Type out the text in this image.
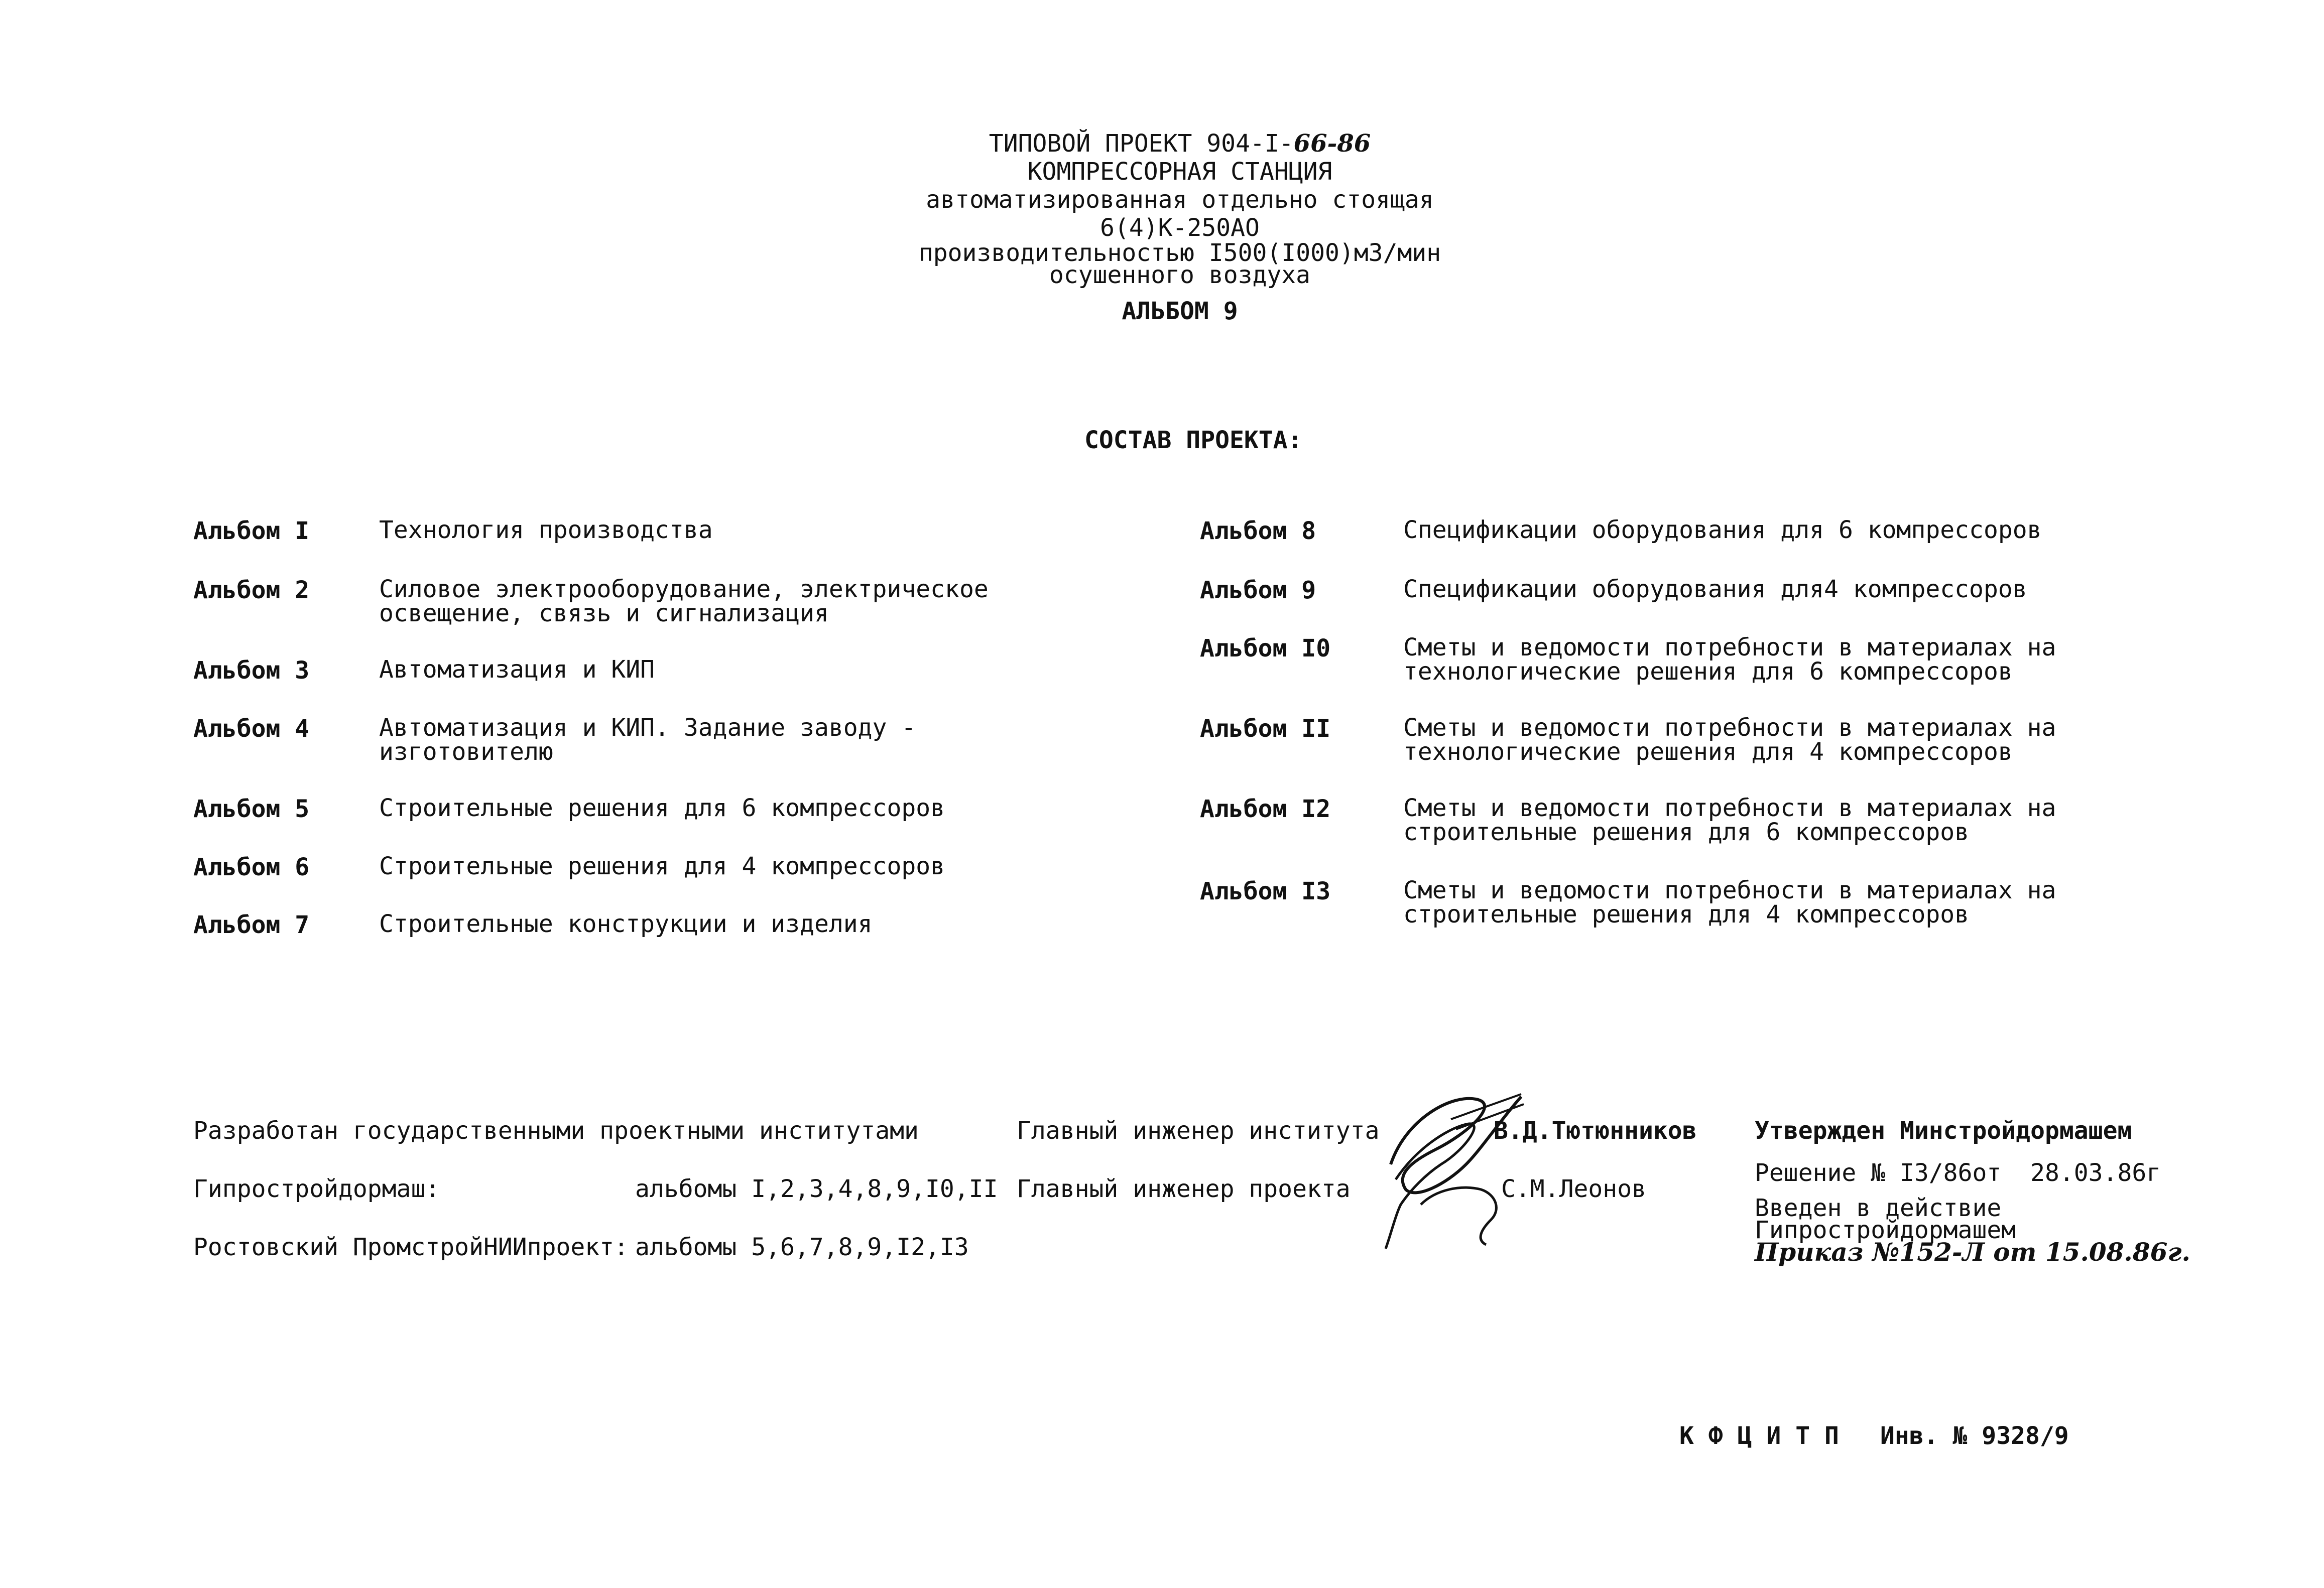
ТИПОВОЙ ПРОЕКТ 904-I-66-86
КОМПРЕССОРНАЯ СТАНЦИЯ
автоматизированная отдельно стоящая
6(4)К-250АО
производительностью I500(I000)м3/мин
осушенного воздуха
АЛЬБОМ 9
СОСТАВ ПРОЕКТА:
Альбом I	Технология производства
Альбом 2	Силовое электрооборудование, электрическое
освещение, связь и сигнализация
Альбом 3	Автоматизация и КИП
Альбом 4	Автоматизация и КИП. Задание заводу -
изготовителю
Альбом 5	Строительные решения для 6 компрессоров
Альбом 6	Строительные решения для 4 компрессоров
Альбом 7	Строительные конструкции и изделия
Альбом 8	Спецификации оборудования для 6 компрессоров
Альбом 9	Спецификации оборудования для4 компрессоров
Альбом I0	Сметы и ведомости потребности в материалах на
технологические решения для 6 компрессоров
Альбом II	Сметы и ведомости потребности в материалах на
технологические решения для 4 компрессоров
Альбом I2	Сметы и ведомости потребности в материалах на
строительные решения для 6 компрессоров
Альбом I3	Сметы и ведомости потребности в материалах на
строительные решения для 4 компрессоров
Разработан государственными проектными институтами
Гипростройдормаш:	альбомы I,2,3,4,8,9,I0,II
Ростовский ПромстройНИИпроект: альбомы 5,6,7,8,9,I2,I3
Главный инженер института	В.Д.Тютюнников
Главный инженер проекта	С.М.Леонов
Утвержден Минстройдормашем
Решение № I3/86от  28.03.86г
Введен в действие
Гипростройдормашем
Приказ №152-Л от 15.08.86г.
К Ф Ц И Т П Инв. № 9328/9
